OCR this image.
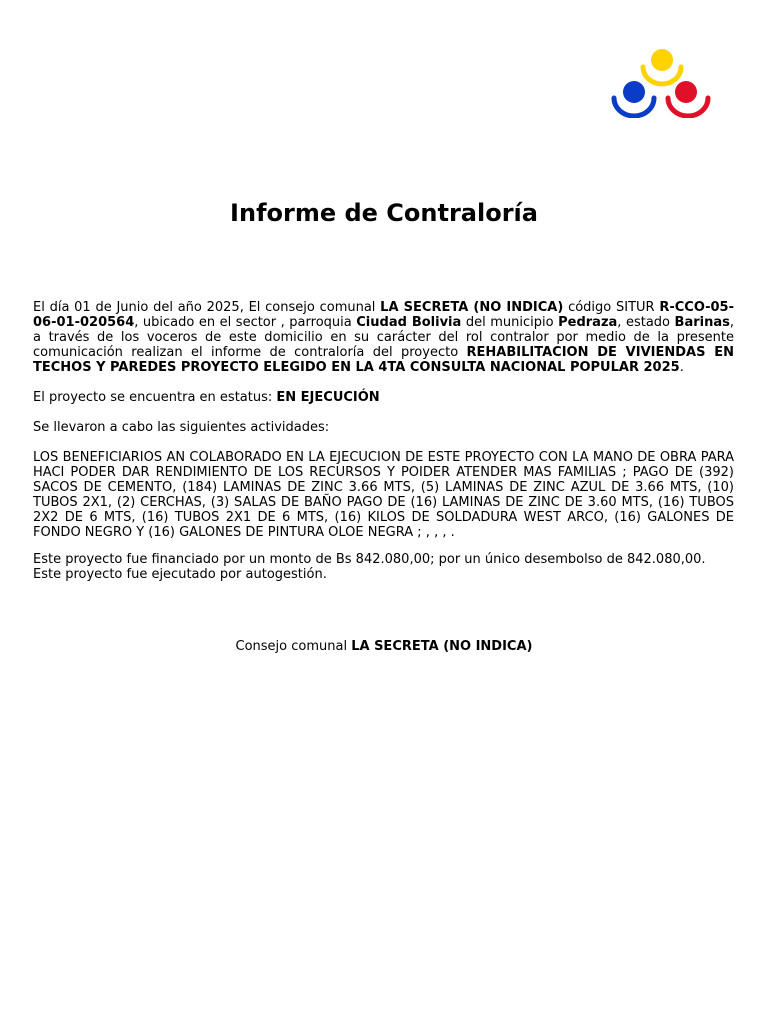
Informe de Contraloría

El día 01 de Junio del año 2025, El consejo comunal LA SECRETA (NO INDICA) código SITUR R-CCO-05-06-01-020564, ubicado en el sector , parroquia Ciudad Bolivia del municipio Pedraza, estado Barinas, a través de los voceros de este domicilio en su carácter del rol contralor por medio de la presente comunicación realizan el informe de contraloría del proyecto REHABILITACION DE VIVIENDAS EN TECHOS Y PAREDES PROYECTO ELEGIDO EN LA 4TA CONSULTA NACIONAL POPULAR 2025.

El proyecto se encuentra en estatus: EN EJECUCIÓN

Se llevaron a cabo las siguientes actividades:

LOS BENEFICIARIOS AN COLABORADO EN LA EJECUCION DE ESTE PROYECTO CON LA MANO DE OBRA PARA HACI PODER DAR RENDIMIENTO DE LOS RECURSOS Y POIDER ATENDER MAS FAMILIAS ; PAGO DE (392) SACOS DE CEMENTO, (184) LAMINAS DE ZINC 3.66 MTS, (5) LAMINAS DE ZINC AZUL DE 3.66 MTS, (10) TUBOS 2X1, (2) CERCHAS, (3) SALAS DE BAÑO PAGO DE (16) LAMINAS DE ZINC DE 3.60 MTS, (16) TUBOS 2X2 DE 6 MTS, (16) TUBOS 2X1 DE 6 MTS, (16) KILOS DE SOLDADURA WEST ARCO, (16) GALONES DE FONDO NEGRO Y (16) GALONES DE PINTURA OLOE NEGRA ; , , , .

Este proyecto fue financiado por un monto de Bs 842.080,00; por un único desembolso de 842.080,00.
Este proyecto fue ejecutado por autogestión.

Consejo comunal LA SECRETA (NO INDICA)
